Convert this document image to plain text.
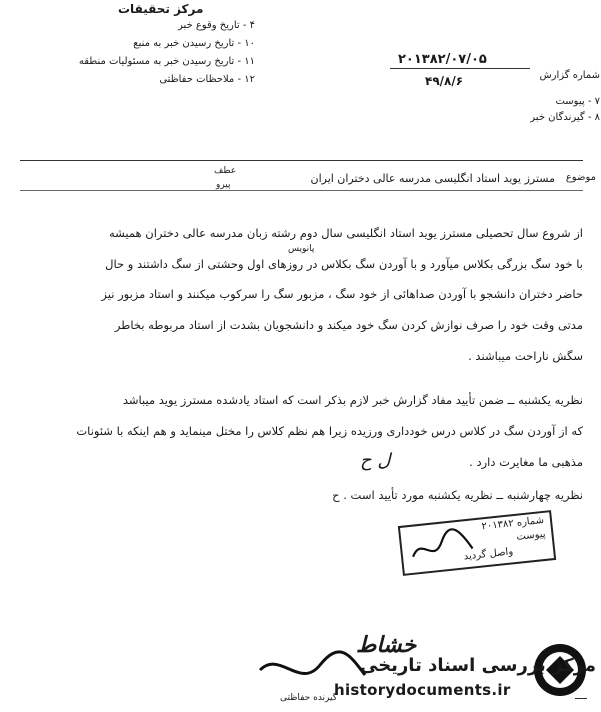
مرکز تحقیقات
۴ - تاریخ وقوع خبر
۱۰ - تاریخ رسیدن خبر به منبع
۱۱ - تاریخ رسیدن خبر به مسئولیات منطقه
۱۲ - ملاحظات حفاظتی
۲۰۱۳۸۲/۰۷/۰۵
۴۹/۸/۶	شماره گزارش
۷ - پیوست
۸ - گیرندگان خبر
موضوع
مسترز یوید استاد انگلیسی مدرسه عالی دختران ایران
عطف
پیرو
از شروع سال تحصیلی مسترز یوید استاد انگلیسی سال دوم رشته زبان مدرسه عالی دختران همیشه
پانویس
با خود سگ بزرگی بکلاس میآورد و با آوردن سگ بکلاس در روزهای اول وحشتی از سگ داشتند و حال
حاضر دختران دانشجو با آوردن صداهائی از خود سگ ، مزبور سگ را سرکوب میکنند و استاد مزبور نیز
مدتی وقت خود را صرف نوازش کردن سگ خود میکند و دانشجویان بشدت از استاد مربوطه بخاطر
سگش ناراحت میباشند .
نظریه یکشنبه ــ ضمن تأیید مفاد گزارش خبر لازم بذکر است که استاد یادشده مسترز یوید میباشد
که از آوردن سگ در کلاس درس خودداری ورزیده زیرا هم نظم کلاس را مختل مینماید و هم اینکه با شئونات
مذهبی ما مغایرت دارد .
ل ح
نظریه چهارشنبه ــ نظریه یکشنبه مورد تأیید است . ح
شماره ۲۰۱۳۸۲
پیوست
واصل گردید
مرکز بررسی اسناد تاریخی
historydocuments.ir
خشاط
گیرنده حفاظتی
